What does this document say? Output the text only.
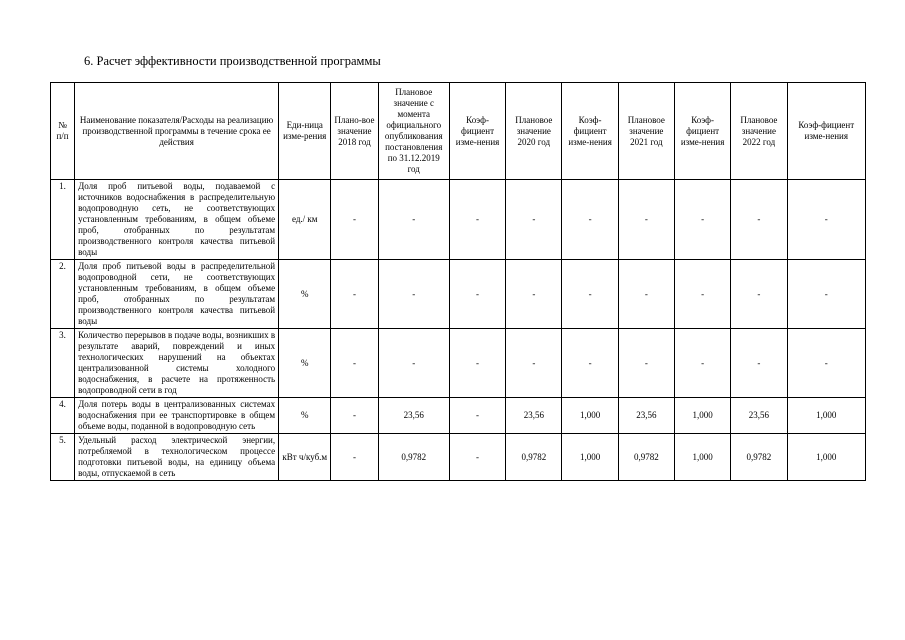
6. Расчет эффективности производственной программы
№ п/п	Наименование показателя/Расходы на реализацию производственной программы в течение срока ее действия	Еди-ница изме-рения	Плано-вое значение 2018 год	Плановое значение с момента официального опубликования постановления по 31.12.2019 год	Коэф-фициент изме-нения	Плановое значение 2020 год	Коэф-фициент изме-нения	Плановое значение 2021 год	Коэф-фициент изме-нения	Плановое значение 2022 год	Коэф-фициент изме-нения
1.	Доля проб питьевой воды, подаваемой с источников водоснабжения в распределительную водопроводную сеть, не соответствующих установленным требованиям, в общем объеме проб, отобранных по результатам производственного контроля качества питьевой воды	ед./ км	-	-	-	-	-	-	-	-	-
2.	Доля проб питьевой воды в распределительной водопроводной сети, не соответствующих установленным требованиям, в общем объеме проб, отобранных по результатам производственного контроля качества питьевой воды	%	-	-	-	-	-	-	-	-	-
3.	Количество перерывов в подаче воды, возникших в результате аварий, повреждений и иных технологических нарушений на объектах централизованной системы холодного водоснабжения, в расчете на протяженность водопроводной сети в год	%	-	-	-	-	-	-	-	-	-
4.	Доля потерь воды в централизованных системах водоснабжения при ее транспортировке в общем объеме воды, поданной в водопроводную сеть	%	-	23,56	-	23,56	1,000	23,56	1,000	23,56	1,000
5.	Удельный расход электрической энергии, потребляемой в технологическом процессе подготовки питьевой воды, на единицу объема воды, отпускаемой в сеть	кВт ч/куб.м	-	0,9782	-	0,9782	1,000	0,9782	1,000	0,9782	1,000
